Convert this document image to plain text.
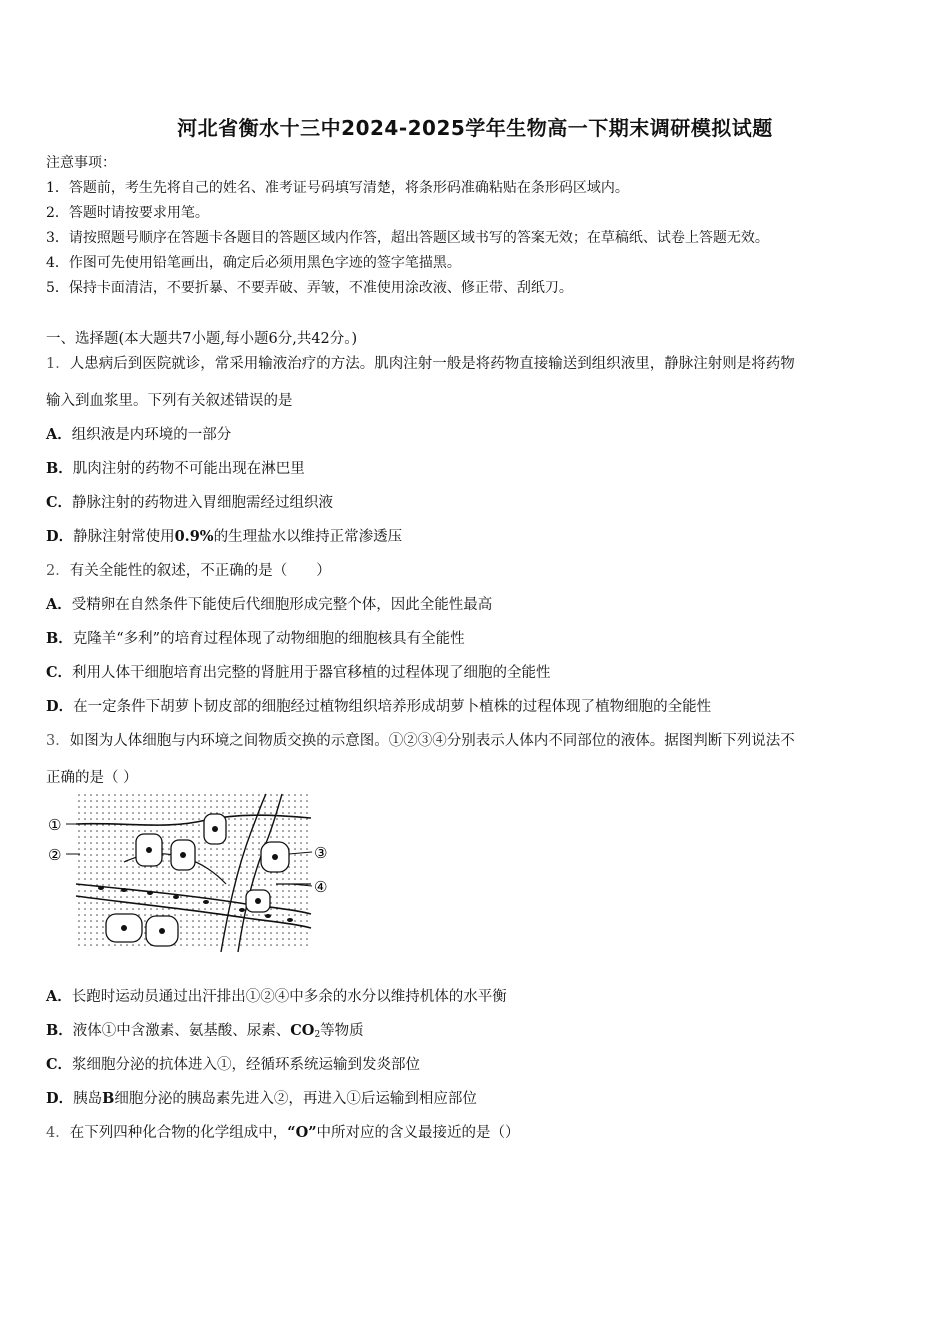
河北省衡水十三中2024-2025学年生物高一下期末调研模拟试题
注意事项：
1．答题前，考生先将自己的姓名、准考证号码填写清楚，将条形码准确粘贴在条形码区域内。
2．答题时请按要求用笔。
3．请按照题号顺序在答题卡各题目的答题区域内作答，超出答题区域书写的答案无效；在草稿纸、试卷上答题无效。
4．作图可先使用铅笔画出，确定后必须用黑色字迹的签字笔描黑。
5．保持卡面清洁，不要折暴、不要弄破、弄皱，不准使用涂改液、修正带、刮纸刀。
一、选择题(本大题共7小题,每小题6分,共42分。)
1．人患病后到医院就诊，常采用输液治疗的方法。肌肉注射一般是将药物直接输送到组织液里，静脉注射则是将药物
输入到血浆里。下列有关叙述错误的是
A．组织液是内环境的一部分
B．肌肉注射的药物不可能出现在淋巴里
C．静脉注射的药物进入胃细胞需经过组织液
D．静脉注射常使用0.9%的生理盐水以维持正常渗透压
2．有关全能性的叙述，不正确的是（　　）
A．受精卵在自然条件下能使后代细胞形成完整个体，因此全能性最高
B．克隆羊“多利”的培育过程体现了动物细胞的细胞核具有全能性
C．利用人体干细胞培育出完整的肾脏用于器官移植的过程体现了细胞的全能性
D．在一定条件下胡萝卜韧皮部的细胞经过植物组织培养形成胡萝卜植株的过程体现了植物细胞的全能性
3．如图为人体细胞与内环境之间物质交换的示意图。①②③④分别表示人体内不同部位的液体。据图判断下列说法不
正确的是（ ）
①
②	③
④
A．长跑时运动员通过出汗排出①②④中多余的水分以维持机体的水平衡
B．液体①中含激素、氨基酸、尿素、$CO_2$等物质
C．浆细胞分泌的抗体进入①，经循环系统运输到发炎部位
D．胰岛B细胞分泌的胰岛素先进入②，再进入①后运输到相应部位
4．在下列四种化合物的化学组成中，“O”中所对应的含义最接近的是（）
